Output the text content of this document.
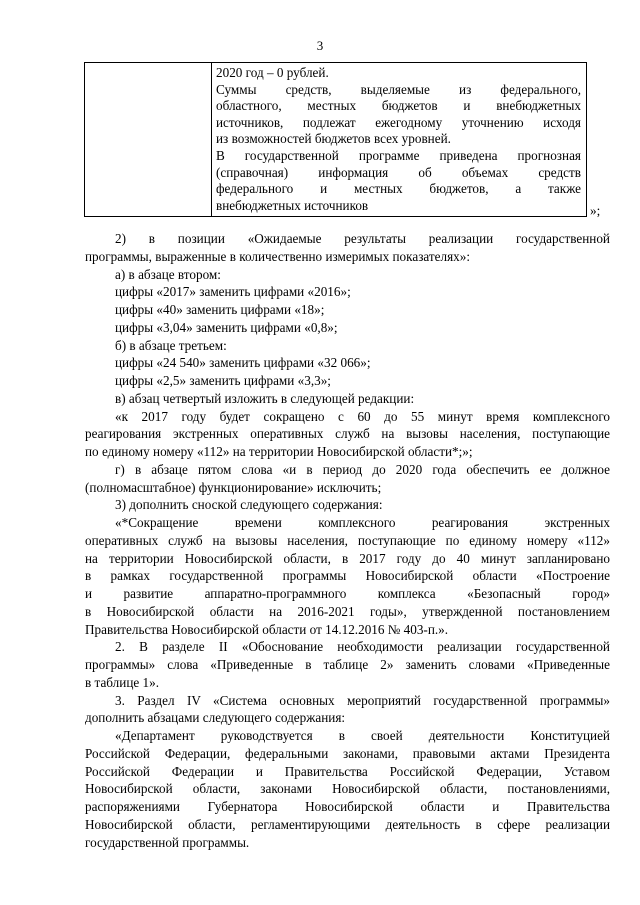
3

2020 год – 0 рублей.

Суммы средств, выделяемые из федерального,

областного, местных бюджетов и внебюджетных

источников, подлежат ежегодному уточнению исходя

из возможностей бюджетов всех уровней.

В государственной программе приведена прогнозная

(справочная) информация об объемах средств

федерального и местных бюджетов, а также

внебюджетных источников	»;

2) в позиции «Ожидаемые результаты реализации государственной

программы, выраженные в количественно измеримых показателях»:

а) в абзаце втором:

цифры «2017» заменить цифрами «2016»;

цифры «40» заменить цифрами «18»;

цифры «3,04» заменить цифрами «0,8»;

б) в абзаце третьем:

цифры «24 540» заменить цифрами «32 066»;

цифры «2,5» заменить цифрами «3,3»;

в) абзац четвертый изложить в следующей редакции:

«к 2017 году будет сокращено с 60 до 55 минут время комплексного

реагирования экстренных оперативных служб на вызовы населения, поступающие

по единому номеру «112» на территории Новосибирской области*;»;

г) в абзаце пятом слова «и в период до 2020 года обеспечить ее должное

(полномасштабное) функционирование» исключить;

3) дополнить сноской следующего содержания:

«*Сокращение времени комплексного реагирования экстренных

оперативных служб на вызовы населения, поступающие по единому номеру «112»

на территории Новосибирской области, в 2017 году до 40 минут запланировано

в рамках государственной программы Новосибирской области «Построение

и развитие аппаратно-программного комплекса «Безопасный город»

в Новосибирской области на 2016-2021 годы», утвержденной постановлением

Правительства Новосибирской области от 14.12.2016 № 403-п.».

2. В разделе II «Обоснование необходимости реализации государственной

программы» слова «Приведенные в таблице 2» заменить словами «Приведенные

в таблице 1».

3. Раздел IV «Система основных мероприятий государственной программы»

дополнить абзацами следующего содержания:

«Департамент руководствуется в своей деятельности Конституцией

Российской Федерации, федеральными законами, правовыми актами Президента

Российской Федерации и Правительства Российской Федерации, Уставом

Новосибирской области, законами Новосибирской области, постановлениями,

распоряжениями Губернатора Новосибирской области и Правительства

Новосибирской области, регламентирующими деятельность в сфере реализации

государственной программы.
